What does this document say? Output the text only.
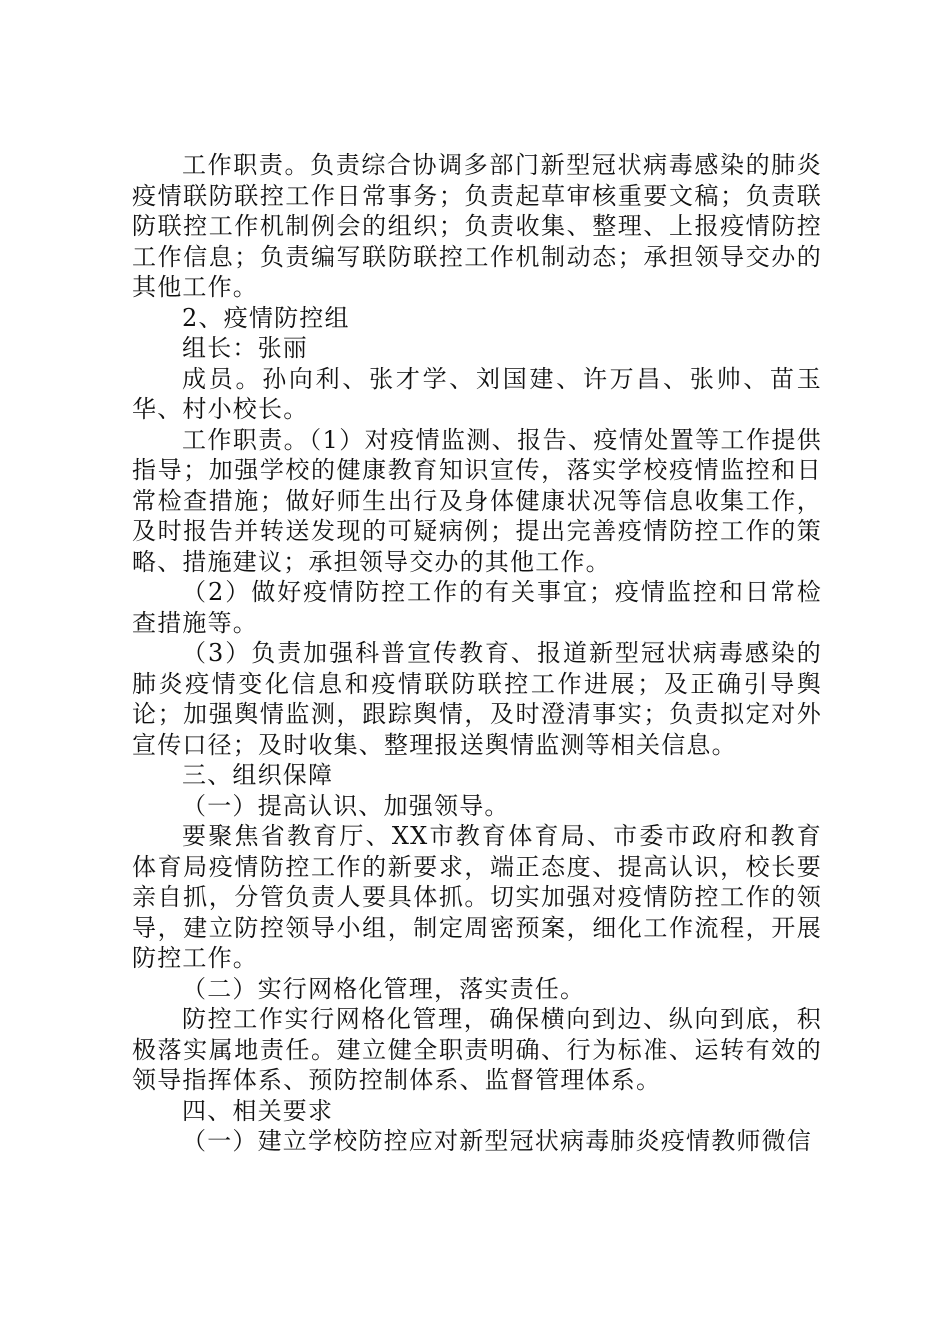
工作职责。负责综合协调多部门新型冠状病毒感染的肺炎疫情联防联控工作日常事务；负责起草审核重要文稿；负责联防联控工作机制例会的组织；负责收集、整理、上报疫情防控工作信息；负责编写联防联控工作机制动态；承担领导交办的其他工作。

2、疫情防控组

组长：张丽

成员。孙向利、张才学、刘国建、许万昌、张帅、苗玉华、村小校长。

工作职责。（1）对疫情监测、报告、疫情处置等工作提供指导；加强学校的健康教育知识宣传，落实学校疫情监控和日常检查措施；做好师生出行及身体健康状况等信息收集工作，及时报告并转送发现的可疑病例；提出完善疫情防控工作的策略、措施建议；承担领导交办的其他工作。

（2）做好疫情防控工作的有关事宜；疫情监控和日常检查措施等。

（3）负责加强科普宣传教育、报道新型冠状病毒感染的肺炎疫情变化信息和疫情联防联控工作进展；及正确引导舆论；加强舆情监测，跟踪舆情，及时澄清事实；负责拟定对外宣传口径；及时收集、整理报送舆情监测等相关信息。

三、组织保障

（一）提高认识、加强领导。

要聚焦省教育厅、XX市教育体育局、市委市政府和教育体育局疫情防控工作的新要求，端正态度、提高认识，校长要亲自抓，分管负责人要具体抓。切实加强对疫情防控工作的领导，建立防控领导小组，制定周密预案，细化工作流程，开展防控工作。

（二）实行网格化管理，落实责任。

防控工作实行网格化管理，确保横向到边、纵向到底，积极落实属地责任。建立健全职责明确、行为标准、运转有效的领导指挥体系、预防控制体系、监督管理体系。

四、相关要求

（一）建立学校防控应对新型冠状病毒肺炎疫情教师微信
